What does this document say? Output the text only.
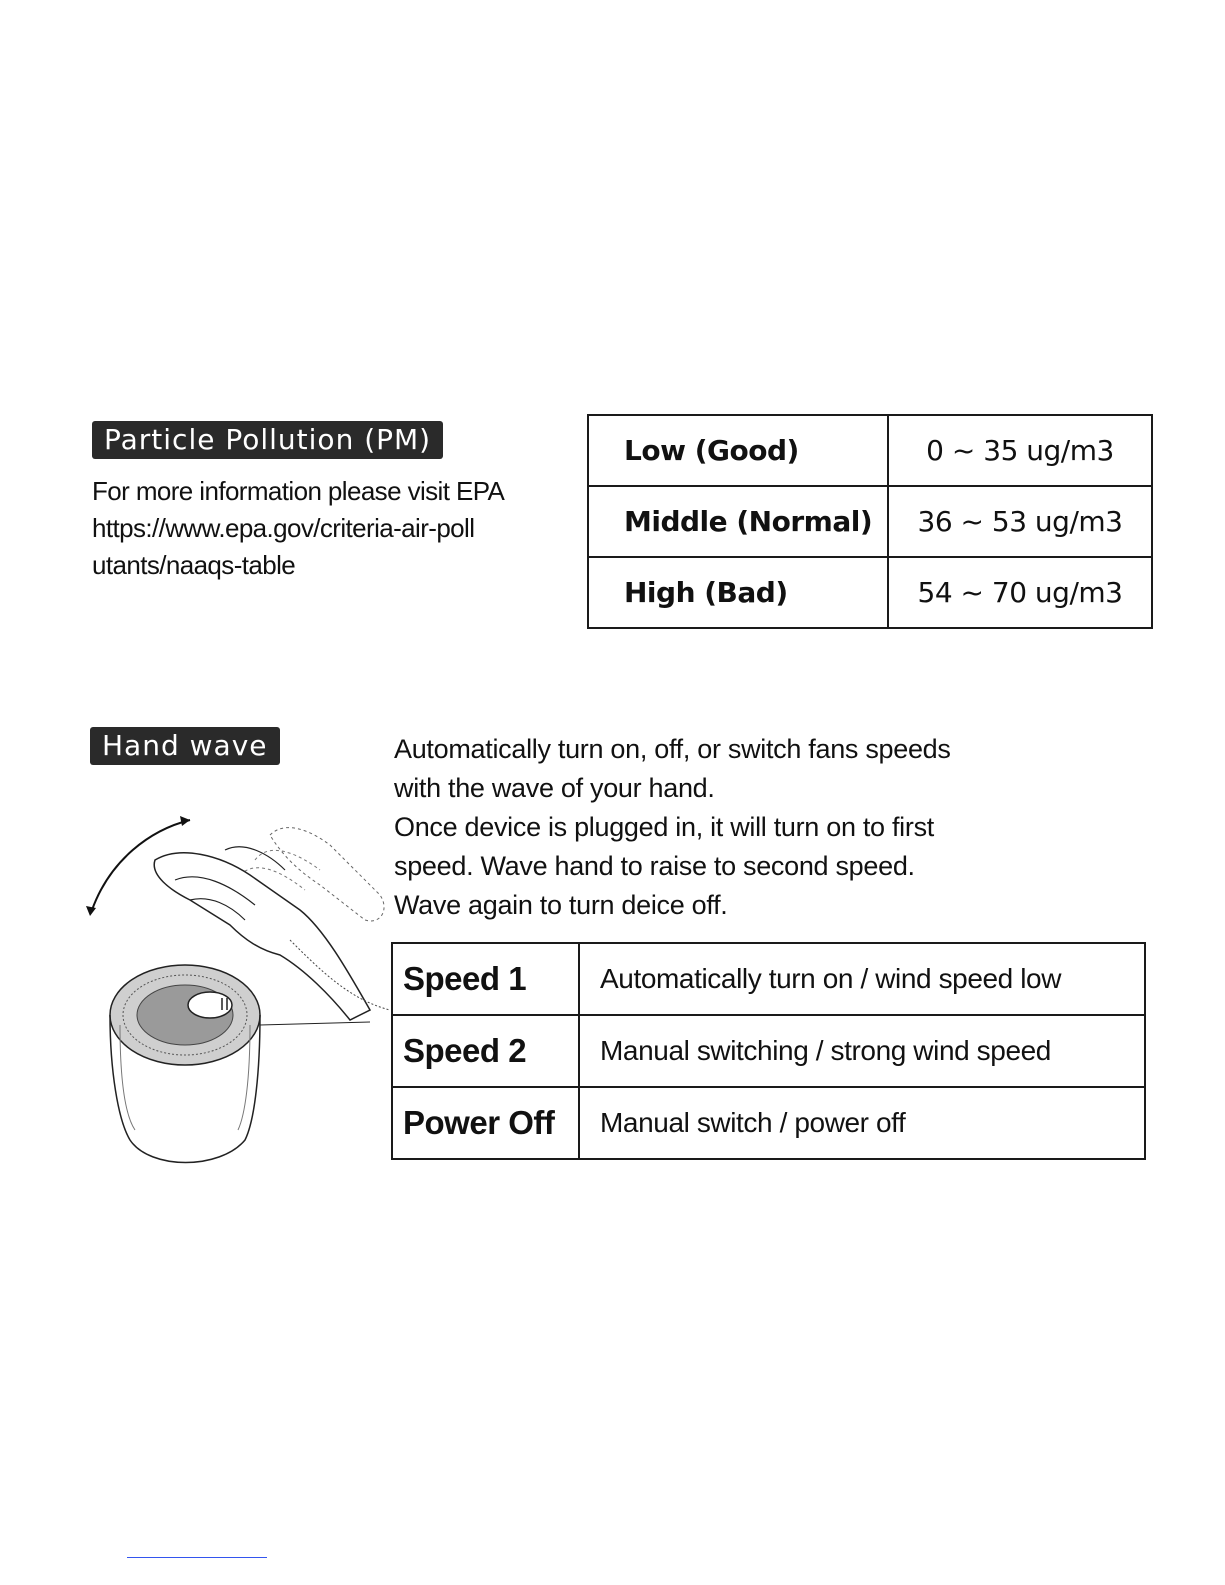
Particle Pollution (PM)
For more information please visit EPA
https://www.epa.gov/criteria-air-poll
utants/naaqs-table
Low (Good)	0 ~ 35 ug/m3
Middle (Normal)	36 ~ 53 ug/m3
High (Bad)	54 ~ 70 ug/m3
Hand wave	Automatically turn on, off, or switch fans speeds
with the wave of your hand.
Once device is plugged in, it will turn on to first
speed. Wave hand to raise to second speed.
Wave again to turn deice off.
Speed 1	Automatically turn on / wind speed low
Speed 2	Manual switching / strong wind speed
Power Off	Manual switch / power off
